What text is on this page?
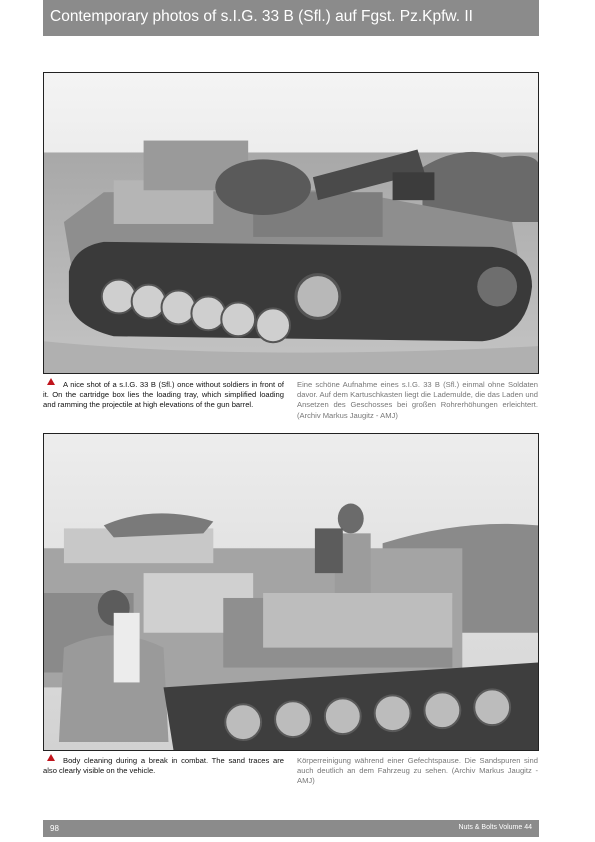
Contemporary photos of s.I.G. 33 B (Sfl.) auf Fgst. Pz.Kpfw. II

A nice shot of a s.I.G. 33 B (Sfl.) once without soldiers in front of it. On the cartridge box lies the loading tray, which simplified loading and ramming the projectile at high elevations of the gun barrel.

Eine schöne Aufnahme eines s.I.G. 33 B (Sfl.) einmal ohne Soldaten davor. Auf dem Kartuschkasten liegt die Lademulde, die das Laden und Ansetzen des Geschosses bei großen Rohrerhöhungen erleichtert. (Archiv Markus Jaugitz - AMJ)

Body cleaning during a break in combat. The sand traces are also clearly visible on the vehicle.

Körperreinigung während einer Gefechtspause. Die Sandspuren sind auch deutlich an dem Fahrzeug zu sehen. (Archiv Markus Jaugitz - AMJ)

98	Nuts & Bolts Volume 44
